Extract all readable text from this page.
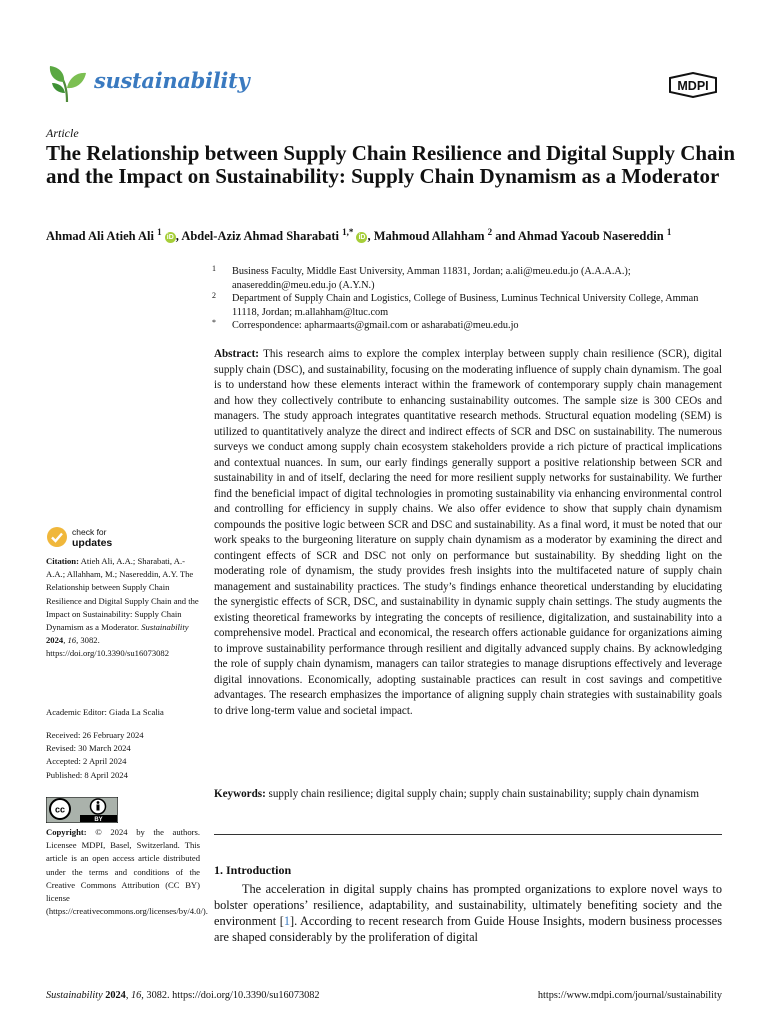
sustainability	MDPI
Article
The Relationship between Supply Chain Resilience and Digital Supply Chain and the Impact on Sustainability: Supply Chain Dynamism as a Moderator
Ahmad Ali Atieh Ali $^1$ iD , Abdel-Aziz Ahmad Sharabati $^{1,*}$ iD , Mahmoud Allahham $^2$ and Ahmad Yacoub Nasereddin $^1$
1 Business Faculty, Middle East University, Amman 11831, Jordan; a.ali@meu.edu.jo (A.A.A.A.); anasereddin@meu.edu.jo (A.Y.N.)
2 Department of Supply Chain and Logistics, College of Business, Luminus Technical University College, Amman 11118, Jordan; m.allahham@ltuc.com
* Correspondence: apharmaarts@gmail.com or asharabati@meu.edu.jo

Abstract: This research aims to explore the complex interplay between supply chain resilience (SCR), digital supply chain (DSC), and sustainability, focusing on the moderating influence of supply chain dynamism. The goal is to understand how these elements interact within the framework of contemporary supply chain management and how they collectively contribute to enhancing sustainability outcomes. The sample size is 300 CEOs and managers. The study approach integrates quantitative research methods. Structural equation modeling (SEM) is utilized to quantitatively analyze the direct and indirect effects of SCR and DSC on sustainability. The numerous surveys we conduct among supply chain ecosystem stakeholders provide a rich picture of practical implications and contextual nuances. In sum, our early findings generally support a positive relationship between SCR and sustainability in and of itself, declaring the need for more resilient supply networks for sustainability. We further find the beneficial impact of digital technologies in promoting sustainability via enhancing environmental control and controlling for efficiency in supply chains. We also offer evidence to show that supply chain dynamism compounds the positive logic between SCR and DSC and sustainability. As a final word, it must be noted that our work speaks to the burgeoning literature on supply chain dynamism as a moderator by examining the direct and contingent effects of SCR and DSC not only on performance but sustainability. By shedding light on the moderating role of dynamism, the study provides fresh insights into the multifaceted nature of supply chain management and sustainability practices. The study’s findings enhance theoretical understanding by elucidating the synergistic effects of SCR, DSC, and sustainability in dynamic supply chain settings. The study augments the existing theoretical frameworks by integrating the concepts of resilience, digitalization, and sustainability into a comprehensive model. Practical and economical, the research offers actionable guidance for organizations aiming to improve sustainability performance through resilient and digitally advanced supply chains. By acknowledging the role of supply chain dynamism, managers can tailor strategies to manage disruptions effectively and leverage digital innovations. Economically, adopting sustainable practices can result in cost savings and competitive advantages. The research emphasizes the importance of aligning supply chain strategies with sustainability goals to drive long-term value and societal impact.

Keywords: supply chain resilience; digital supply chain; supply chain sustainability; supply chain dynamism

1. Introduction

The acceleration in digital supply chains has prompted organizations to explore novel ways to bolster operations’ resilience, adaptability, and sustainability, ultimately benefiting society and the environment [1]. According to recent research from Guide House Insights, modern business processes are shaped considerably by the proliferation of digital

check for
updates
Citation: Atieh Ali, A.A.; Sharabati, A.-A.A.; Allahham, M.; Nasereddin, A.Y. The Relationship between Supply Chain Resilience and Digital Supply Chain and the Impact on Sustainability: Supply Chain Dynamism as a Moderator. Sustainability 2024, 16, 3082. https://doi.org/10.3390/su16073082
Academic Editor: Giada La Scalia
Received: 26 February 2024
Revised: 30 March 2024
Accepted: 2 April 2024
Published: 8 April 2024
cc
BY
Copyright: © 2024 by the authors. Licensee MDPI, Basel, Switzerland. This article is an open access article distributed under the terms and conditions of the Creative Commons Attribution (CC BY) license (https://creativecommons.org/licenses/by/4.0/).
Sustainability 2024, 16, 3082. https://doi.org/10.3390/su16073082	https://www.mdpi.com/journal/sustainability
